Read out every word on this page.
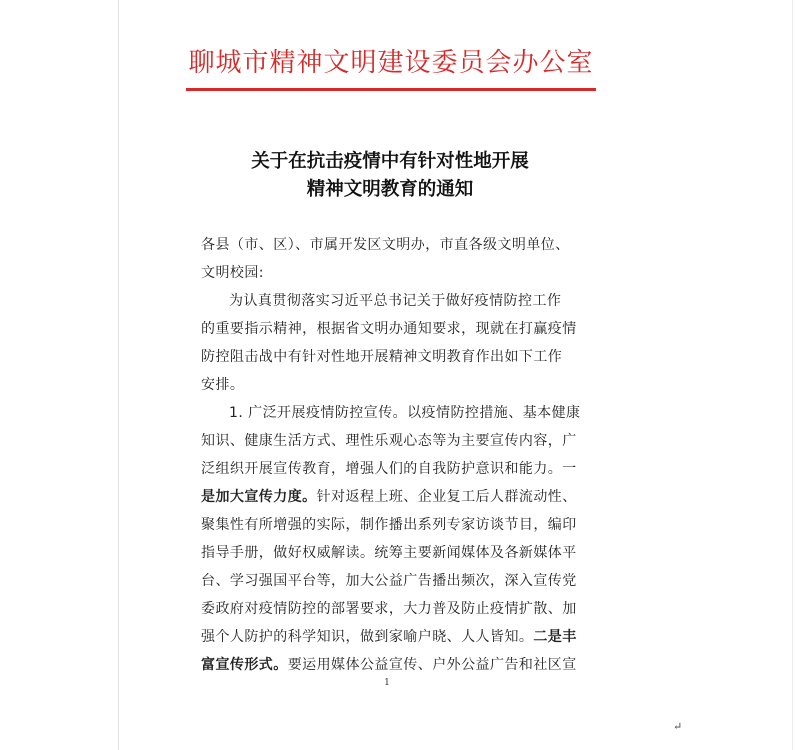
聊城市精神文明建设委员会办公室
关于在抗击疫情中有针对性地开展
精神文明教育的通知

各县（市、区）、市属开发区文明办，市直各级文明单位、
文明校园:

为认真贯彻落实习近平总书记关于做好疫情防控工作
的重要指示精神，根据省文明办通知要求，现就在打赢疫情
防控阻击战中有针对性地开展精神文明教育作出如下工作
安排。

1. 广泛开展疫情防控宣传。以疫情防控措施、基本健康
知识、健康生活方式、理性乐观心态等为主要宣传内容，广
泛组织开展宣传教育，增强人们的自我防护意识和能力。一
是加大宣传力度。针对返程上班、企业复工后人群流动性、
聚集性有所增强的实际，制作播出系列专家访谈节目，编印
指导手册，做好权威解读。统筹主要新闻媒体及各新媒体平
台、学习强国平台等，加大公益广告播出频次，深入宣传党
委政府对疫情防控的部署要求，大力普及防止疫情扩散、加
强个人防护的科学知识，做到家喻户晓、人人皆知。二是丰
富宣传形式。要运用媒体公益宣传、户外公益广告和社区宣

1
↵
